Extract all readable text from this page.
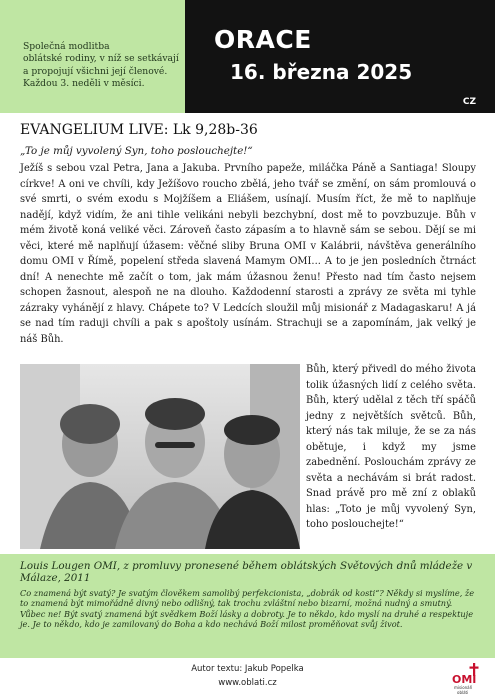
Společná modlitba
oblátské rodiny, v níž se setkávají
a propojují všichni její členové.
Každou 3. neděli v měsíci.

ORACE
16. března 2025
CZ
EVANGELIUM LIVE: Lk 9,28b-36
„To je můj vyvolený Syn, toho poslouchejte!“

Ježíš s sebou vzal Petra, Jana a Jakuba. Prvního papeže, miláčka Páně a Santiaga! Sloupy církve! A oni ve chvíli, kdy Ježíšovo roucho zbělá, jeho tvář se změní, on sám promlouvá o své smrti, o svém exodu s Mojžíšem a Eliášem, usínají. Musím říct, že mě to naplňuje nadějí, když vidím, že ani tihle velikáni nebyli bezchybní, dost mě to povzbuzuje. Bůh v mém životě koná veliké věci. Zároveň často zápasím a to hlavně sám se sebou. Dějí se mi věci, které mě naplňují úžasem: věčné sliby Bruna OMI v Kalábrii, návštěva generálního domu OMI v Římě, popelení středa slavená Mamym OMI... A to je jen posledních čtrnáct dní! A nenechte mě začít o tom, jak mám úžasnou ženu! Přesto nad tím často nejsem schopen žasnout, alespoň ne na dlouho. Každodenní starosti a zprávy ze světa mi tyhle zázraky vyhánějí z hlavy. Chápete to? V Ledcích sloužil můj misionář z Madagaskaru! A já se nad tím raduji chvíli a pak s apoštoly usínám. Strachuji se a zapomínám, jak velký je náš Bůh.

Bůh, který přivedl do mého života tolik úžasných lidí z celého světa. Bůh, který udělal z těch tří spáčů jedny z největších světců. Bůh, který nás tak miluje, že se za nás obětuje, i když my jsme zabednění. Poslouchám zprávy ze světa a nechávám si brát radost. Snad právě pro mě zní z oblaků hlas: „Toto je můj vyvolený Syn, toho poslouchejte!“

Louis Lougen OMI, z promluvy pronesené během oblátských Světových dnů mládeže v Málaze, 2011

Co znamená být svatý? Je svatým člověkem samolibý perfekcionista, „dobrák od kosti“? Někdy si myslíme, že to znamená být mimořádně divný nebo odlišný, tak trochu zvláštní nebo bizarní, možná nudný a smutný. Vůbec ne! Být svatý znamená být svědkem Boží lásky a dobroty. Je to někdo, kdo myslí na druhé a respektuje je. Je to někdo, kdo je zamilovaný do Boha a kdo nechává Boží milost proměňovat svůj život.

Autor textu: Jakub Popelka
www.oblati.cz	OMI
misionáři
obláti
